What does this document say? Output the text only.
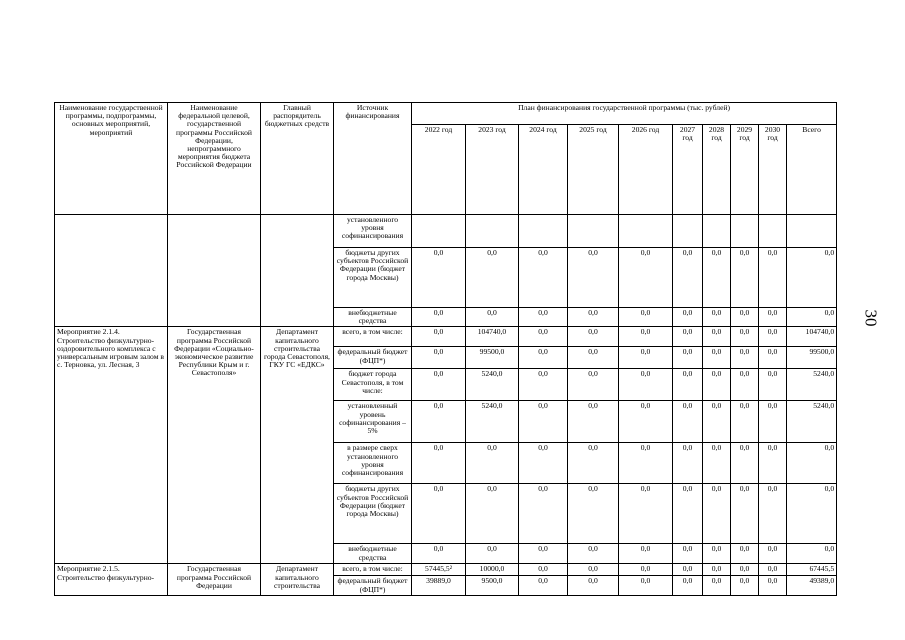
30
Наименование государственной программы, подпрограммы, основных мероприятий, мероприятий	Наименование федеральной целевой, государственной программы Российской Федерации, непрограммного мероприятия бюджета Российской Федерации	Главный распорядитель бюджетных средств	Источник финансирования	План финансирования государственной программы (тыс. рублей)									
				2022 год	2023 год	2024 год	2025 год	2026 год	2027 год	2028 год	2029 год	2030 год	Всего
			установленного уровня софинансирования										
			бюджеты других субъектов Российской Федерации (бюджет города Москвы)	0,0	0,0	0,0	0,0	0,0	0,0	0,0	0,0	0,0	0,0
			внебюджетные средства	0,0	0,0	0,0	0,0	0,0	0,0	0,0	0,0	0,0	0,0
Мероприятие 2.1.4. Строительство физкультурно-оздоровительного комплекса с универсальным игровым залом в с. Терновка, ул. Лесная, 3	Государственная программа Российской Федерации «Социально-экономическое развитие Республики Крым и г. Севастополя»	Департамент капитального строительства города Севастополя, ГКУ ГС «ЕДКС»	всего, в том числе:	0,0	104740,0	0,0	0,0	0,0	0,0	0,0	0,0	0,0	104740,0
			федеральный бюджет (ФЦП*)	0,0	99500,0	0,0	0,0	0,0	0,0	0,0	0,0	0,0	99500,0
			бюджет города Севастополя, в том числе:	0,0	5240,0	0,0	0,0	0,0	0,0	0,0	0,0	0,0	5240,0
			установленный уровень софинансирования – 5%	0,0	5240,0	0,0	0,0	0,0	0,0	0,0	0,0	0,0	5240,0
			в размере сверх установленного уровня софинансирования	0,0	0,0	0,0	0,0	0,0	0,0	0,0	0,0	0,0	0,0
			бюджеты других субъектов Российской Федерации (бюджет города Москвы)	0,0	0,0	0,0	0,0	0,0	0,0	0,0	0,0	0,0	0,0
			внебюджетные средства	0,0	0,0	0,0	0,0	0,0	0,0	0,0	0,0	0,0	0,0
Мероприятие 2.1.5. Строительство физкультурно-	Государственная программа Российской Федерации	Департамент капитального строительства	всего, в том числе:	57445,5²	10000,0	0,0	0,0	0,0	0,0	0,0	0,0	0,0	67445,5
			федеральный бюджет (ФЦП*)	39889,0	9500,0	0,0	0,0	0,0	0,0	0,0	0,0	0,0	49389,0
